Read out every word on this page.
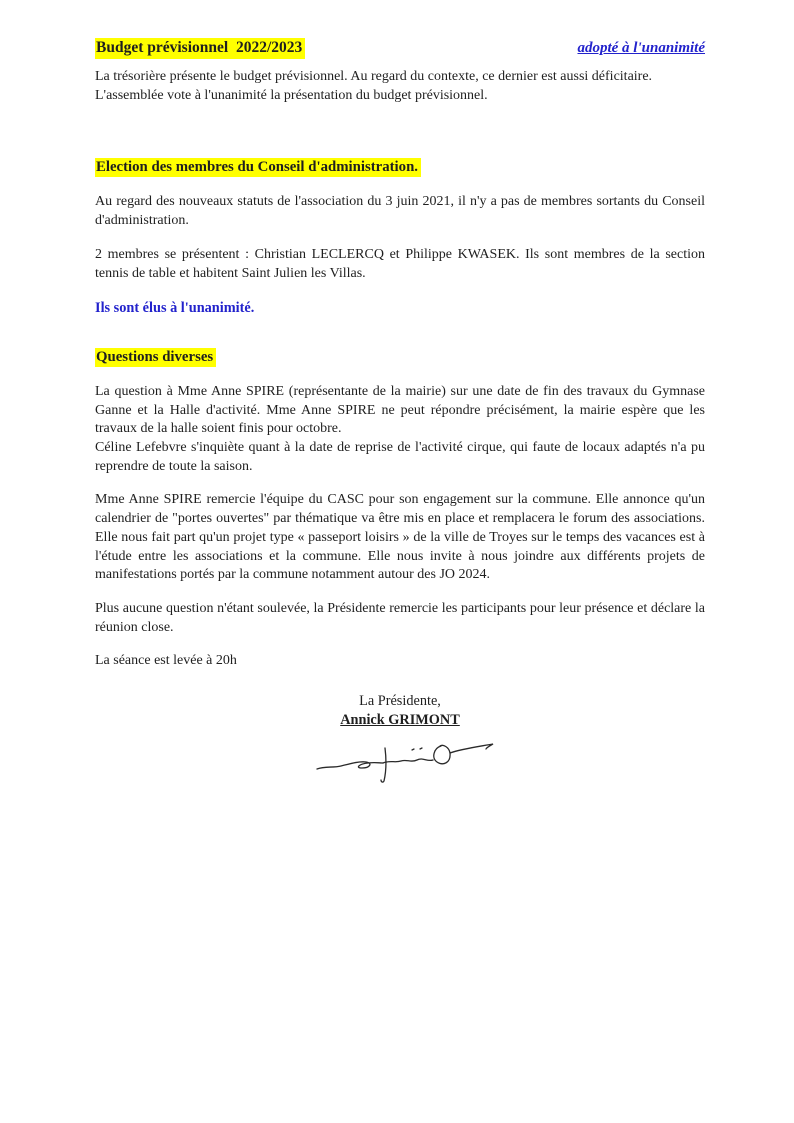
Budget prévisionnel  2022/2023	adopté à l'unanimité

La trésorière présente le budget prévisionnel. Au regard du contexte, ce dernier est aussi déficitaire.

L'assemblée vote à l'unanimité la présentation du budget prévisionnel.

Election des membres du Conseil d'administration.

Au regard des nouveaux statuts de l'association du 3 juin 2021, il n'y a pas de membres sortants du Conseil d'administration.

2 membres se présentent : Christian LECLERCQ et Philippe KWASEK. Ils sont membres de la section tennis de table et habitent Saint Julien les Villas.

Ils sont élus à l'unanimité.

Questions diverses

La question à Mme Anne SPIRE (représentante de la mairie) sur une date de fin des travaux du Gymnase Ganne et la Halle d'activité. Mme Anne SPIRE ne peut répondre précisément, la mairie espère que les travaux de la halle soient finis pour octobre.
Céline Lefebvre s'inquiète quant à la date de reprise de l'activité cirque, qui faute de locaux adaptés n'a pu reprendre de toute la saison.

Mme Anne SPIRE remercie l'équipe du CASC pour son engagement sur la commune. Elle annonce qu'un calendrier de "portes ouvertes" par thématique va être mis en place et remplacera le forum des associations. Elle nous fait part qu'un projet type « passeport loisirs » de la ville de Troyes sur le temps des vacances est à l'étude entre les associations et la commune. Elle nous invite à nous joindre aux différents projets de manifestations portés par la commune notamment autour des JO 2024.

Plus aucune question n'étant soulevée, la Présidente remercie les participants pour leur présence et déclare la réunion close.

La séance est levée à 20h

La Présidente,
Annick GRIMONT
